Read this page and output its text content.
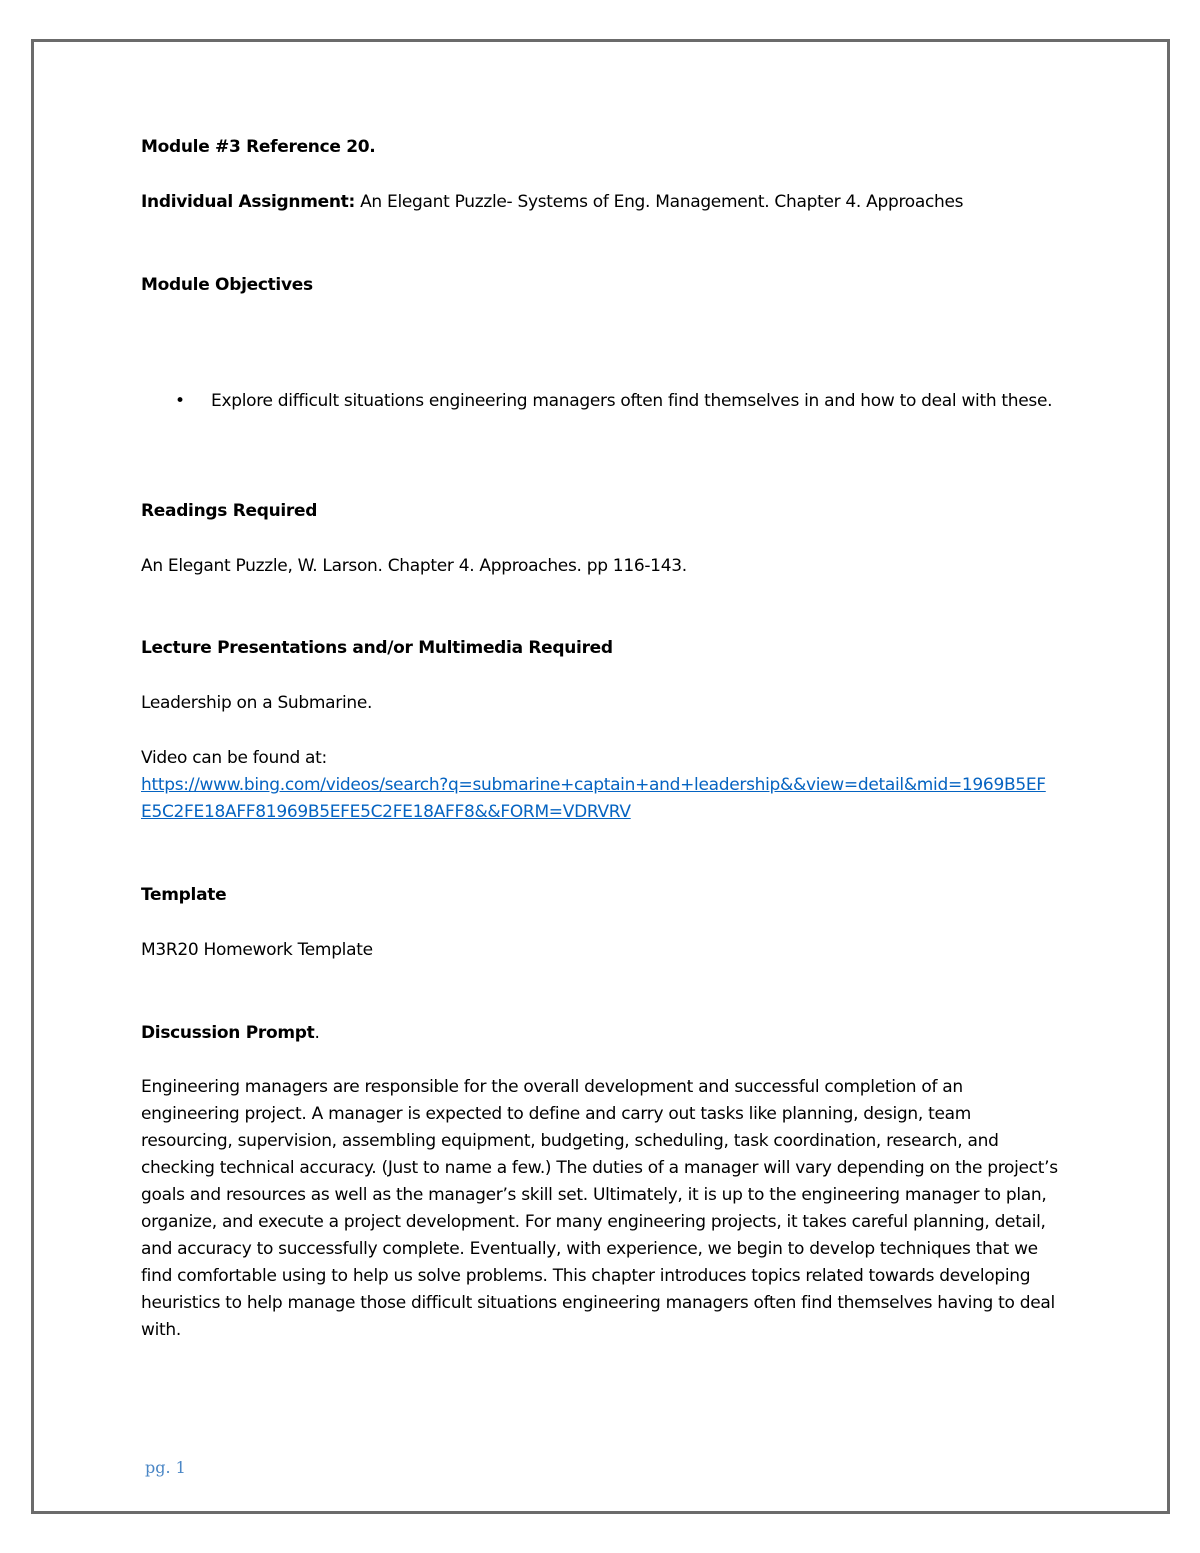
Module #3 Reference 20.
Individual Assignment: An Elegant Puzzle- Systems of Eng. Management. Chapter 4. Approaches
Module Objectives
• Explore difficult situations engineering managers often find themselves in and how to deal with these.
Readings Required
An Elegant Puzzle, W. Larson. Chapter 4. Approaches. pp 116-143.
Lecture Presentations and/or Multimedia Required
Leadership on a Submarine.
Video can be found at:
https://www.bing.com/videos/search?q=submarine+captain+and+leadership&&view=detail&mid=1969B5EFE5C2FE18AFF81969B5EFE5C2FE18AFF8&&FORM=VDRVRV
Template
M3R20 Homework Template
Discussion Prompt.
Engineering managers are responsible for the overall development and successful completion of an engineering project. A manager is expected to define and carry out tasks like planning, design, team resourcing, supervision, assembling equipment, budgeting, scheduling, task coordination, research, and checking technical accuracy. (Just to name a few.) The duties of a manager will vary depending on the project’s goals and resources as well as the manager’s skill set. Ultimately, it is up to the engineering manager to plan, organize, and execute a project development. For many engineering projects, it takes careful planning, detail, and accuracy to successfully complete. Eventually, with experience, we begin to develop techniques that we find comfortable using to help us solve problems. This chapter introduces topics related towards developing heuristics to help manage those difficult situations engineering managers often find themselves having to deal with.
pg. 1
